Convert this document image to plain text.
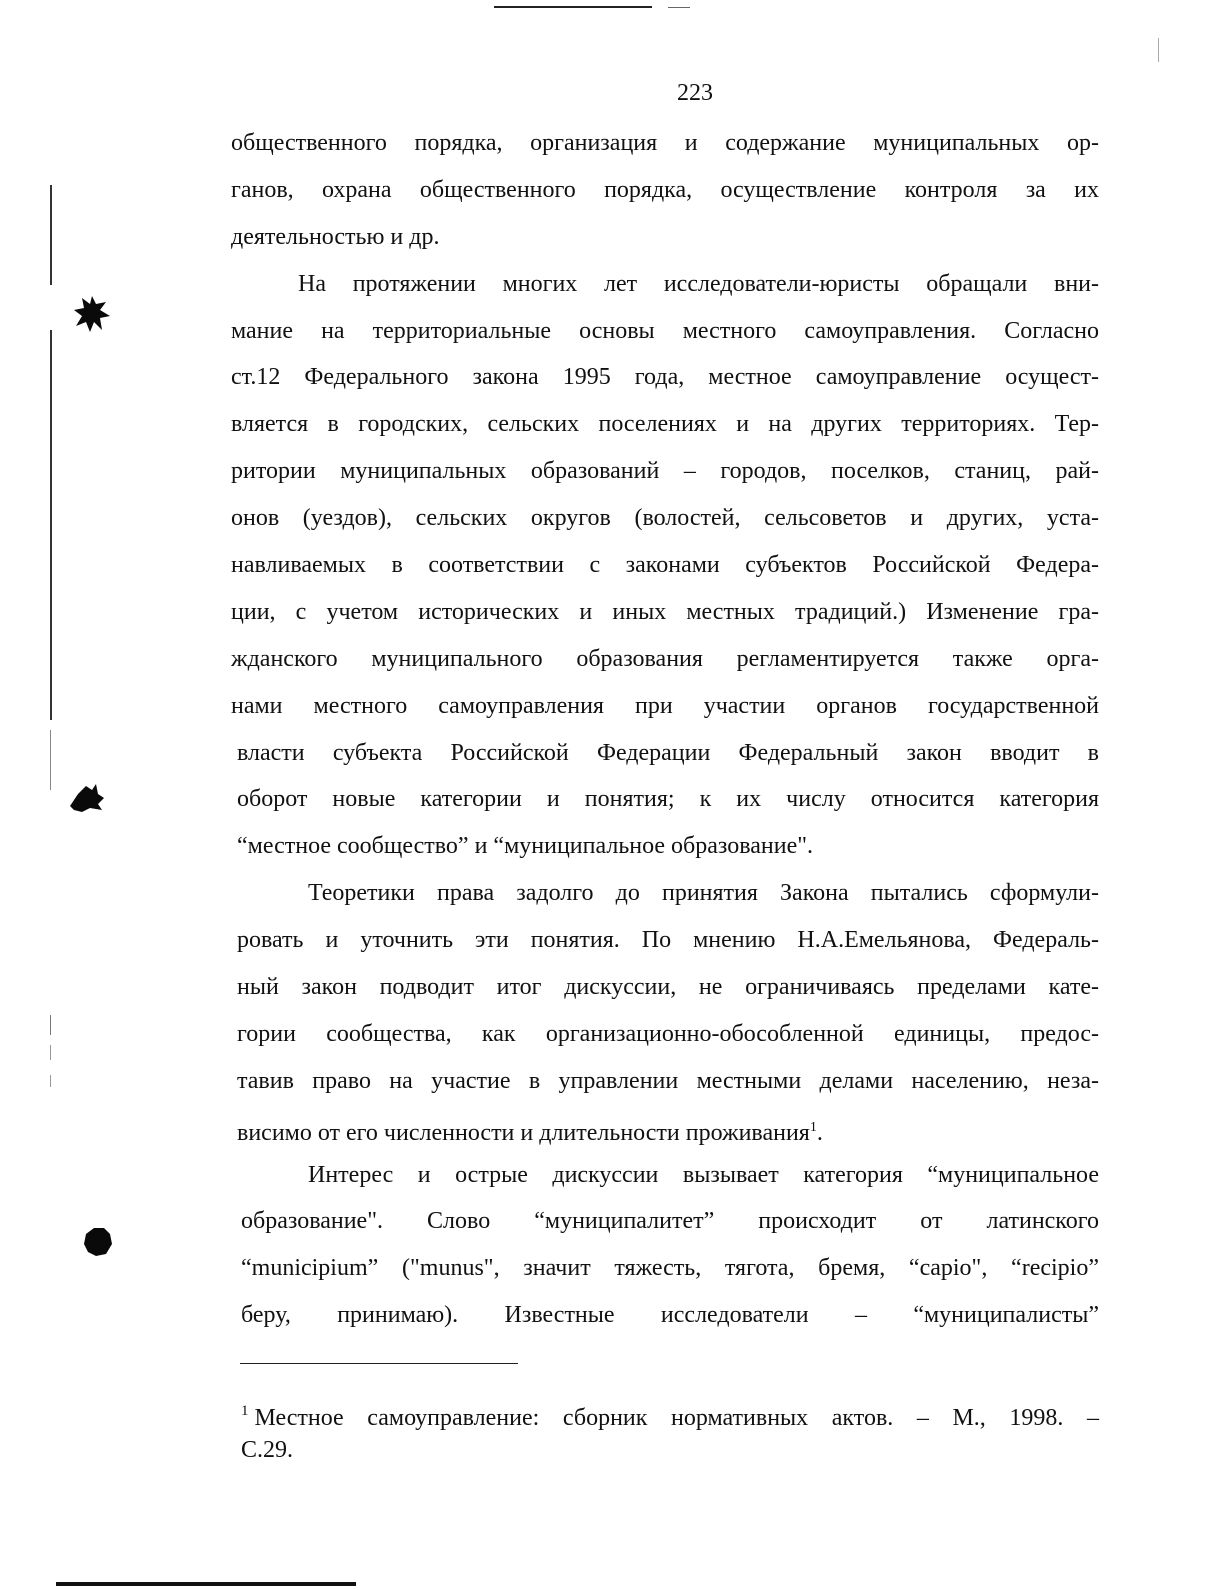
223
общественного порядка, организация и содержание муниципальных ор-
ганов, охрана общественного порядка, осуществление контроля за их
деятельностью и др.
На протяжении многих лет исследователи-юристы обращали вни-
мание на территориальные основы местного самоуправления. Согласно
ст.12 Федерального закона 1995 года, местное самоуправление осущест-
вляется в городских, сельских поселениях и на других территориях. Тер-
ритории муниципальных образований – городов, поселков, станиц, рай-
онов (уездов), сельских округов (волостей, сельсоветов и других, уста-
навливаемых в соответствии с законами субъектов Российской Федера-
ции, с учетом исторических и иных местных традиций.) Изменение гра-
жданского муниципального образования регламентируется также орга-
нами местного самоуправления при участии органов государственной
власти субъекта Российской Федерации Федеральный закон вводит в
оборот новые категории и понятия; к их числу относится категория
“местное сообщество” и “муниципальное образование".
Теоретики права задолго до принятия Закона пытались сформули-
ровать и уточнить эти понятия. По мнению Н.А.Емельянова, Федераль-
ный закон подводит итог дискуссии, не ограничиваясь пределами кате-
гории сообщества, как организационно-обособленной единицы, предос-
тавив право на участие в управлении местными делами населению, неза-
висимо от его численности и длительности проживания$^1$.
Интерес и острые дискуссии вызывает категория “муниципальное
образование". Слово “муниципалитет” происходит от латинского
“municipium” ("munus", значит тяжесть, тягота, бремя, “capio", “recipio”
беру, принимаю). Известные исследователи – “муниципалисты”
$^1$ Местное самоуправление: сборник нормативных актов. – М., 1998. –
С.29.
